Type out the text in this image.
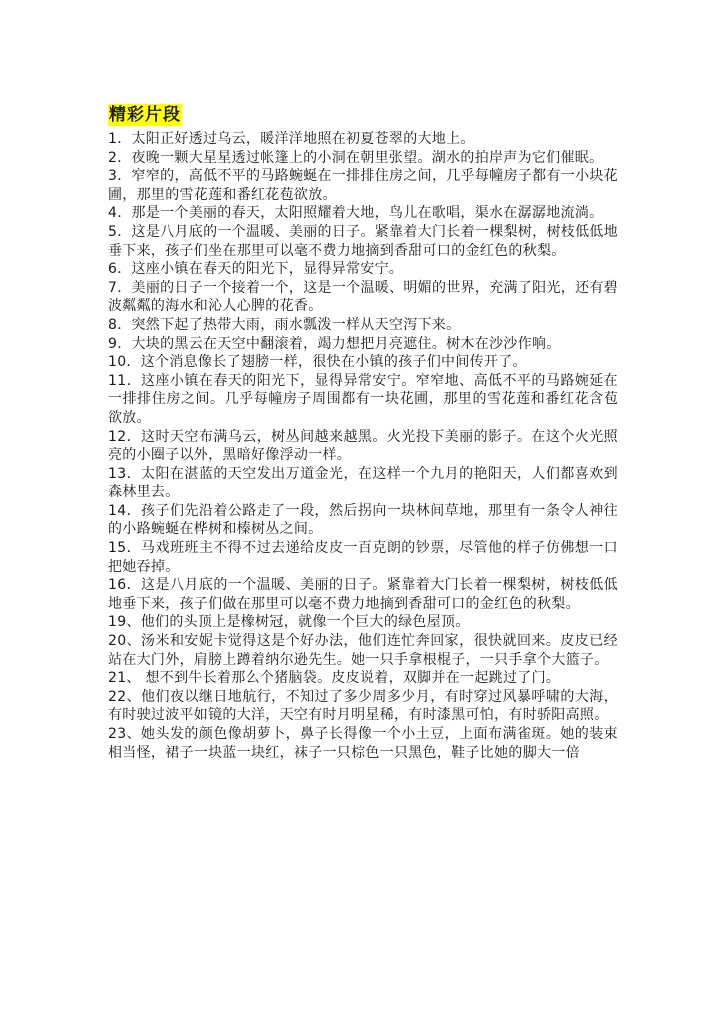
精彩片段

1．太阳正好透过乌云，暖洋洋地照在初夏苍翠的大地上。

2．夜晚一颗大星星透过帐篷上的小洞在朝里张望。湖水的拍岸声为它们催眠。

3．窄窄的，高低不平的马路蜿蜒在一排排住房之间，几乎每幢房子都有一小块花圃，那里的雪花莲和番红花苞欲放。

4．那是一个美丽的春天，太阳照耀着大地，鸟儿在歌唱，渠水在潺潺地流淌。

5．这是八月底的一个温暖、美丽的日子。紧靠着大门长着一棵梨树，树枝低低地垂下来，孩子们坐在那里可以毫不费力地摘到香甜可口的金红色的秋梨。

6．这座小镇在春天的阳光下，显得异常安宁。

7．美丽的日子一个接着一个，这是一个温暖、明媚的世界，充满了阳光，还有碧波粼粼的海水和沁人心脾的花香。

8．突然下起了热带大雨，雨水瓢泼一样从天空泻下来。

9．大块的黑云在天空中翻滚着，竭力想把月亮遮住。树木在沙沙作响。

10．这个消息像长了翅膀一样，很快在小镇的孩子们中间传开了。

11．这座小镇在春天的阳光下，显得异常安宁。窄窄地、高低不平的马路婉延在一排排住房之间。几乎每幢房子周围都有一块花圃，那里的雪花莲和番红花含苞欲放。

12．这时天空布满乌云，树丛间越来越黑。火光投下美丽的影子。在这个火光照亮的小圈子以外，黑暗好像浮动一样。

13．太阳在湛蓝的天空发出万道金光，在这样一个九月的艳阳天，人们都喜欢到森林里去。

14．孩子们先沿着公路走了一段，然后拐向一块林间草地，那里有一条令人神往的小路蜿蜒在桦树和榛树丛之间。

15．马戏班班主不得不过去递给皮皮一百克朗的钞票，尽管他的样子仿佛想一口把她吞掉。

16．这是八月底的一个温暖、美丽的日子。紧靠着大门长着一棵梨树，树枝低低地垂下来，孩子们做在那里可以毫不费力地摘到香甜可口的金红色的秋梨。

19、他们的头顶上是橡树冠，就像一个巨大的绿色屋顶。

20、汤米和安妮卡觉得这是个好办法，他们连忙奔回家，很快就回来。皮皮已经站在大门外，肩膀上蹲着纳尔逊先生。她一只手拿根棍子，一只手拿个大篮子。

21、 想不到牛长着那么个猪脑袋。皮皮说着，双脚并在一起跳过了门。

22、他们夜以继日地航行，不知过了多少周多少月，有时穿过风暴呼啸的大海，有时驶过波平如镜的大洋，天空有时月明星稀，有时漆黑可怕，有时骄阳高照。

23、她头发的颜色像胡萝卜，鼻子长得像一个小土豆，上面布满雀斑。她的装束相当怪，裙子一块蓝一块红，袜子一只棕色一只黑色，鞋子比她的脚大一倍
